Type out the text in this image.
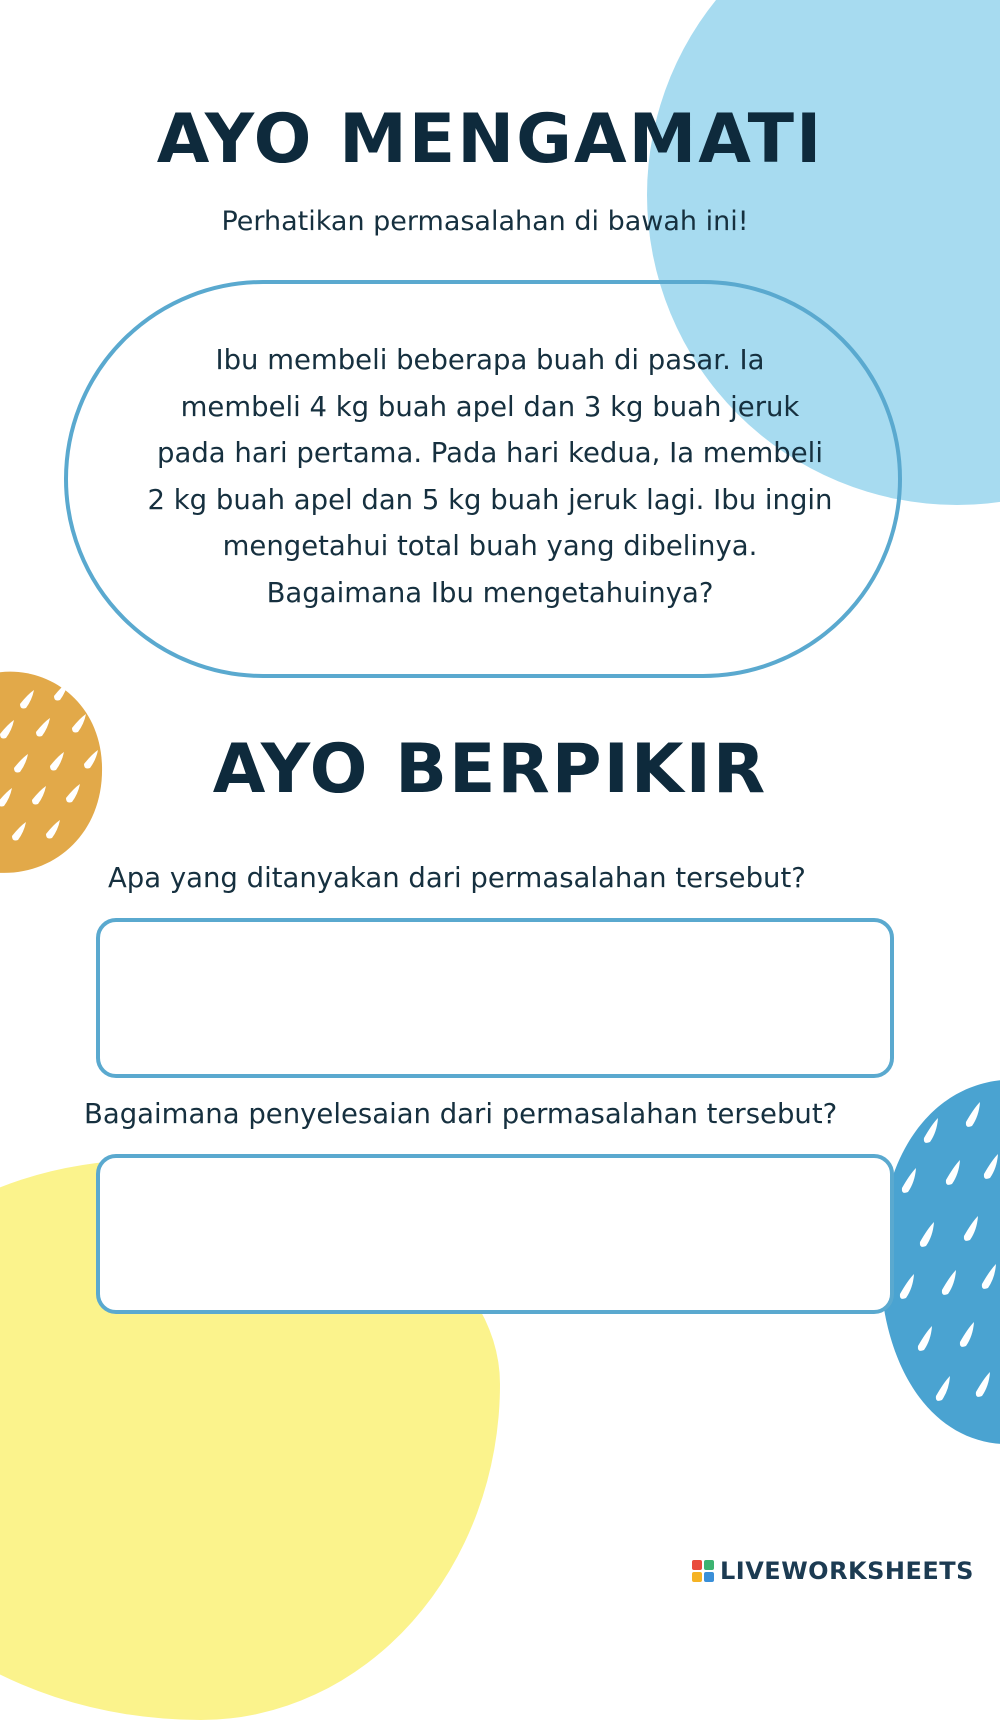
AYO MENGAMATI
Perhatikan permasalahan di bawah ini!
Ibu membeli beberapa buah di pasar. Ia
membeli 4 kg buah apel dan 3 kg buah jeruk
pada hari pertama. Pada hari kedua, Ia membeli
2 kg buah apel dan 5 kg buah jeruk lagi. Ibu ingin
mengetahui total buah yang dibelinya.
Bagaimana Ibu mengetahuinya?
AYO BERPIKIR
Apa yang ditanyakan dari permasalahan tersebut?
Bagaimana penyelesaian dari permasalahan tersebut?
LIVEWORKSHEETS
